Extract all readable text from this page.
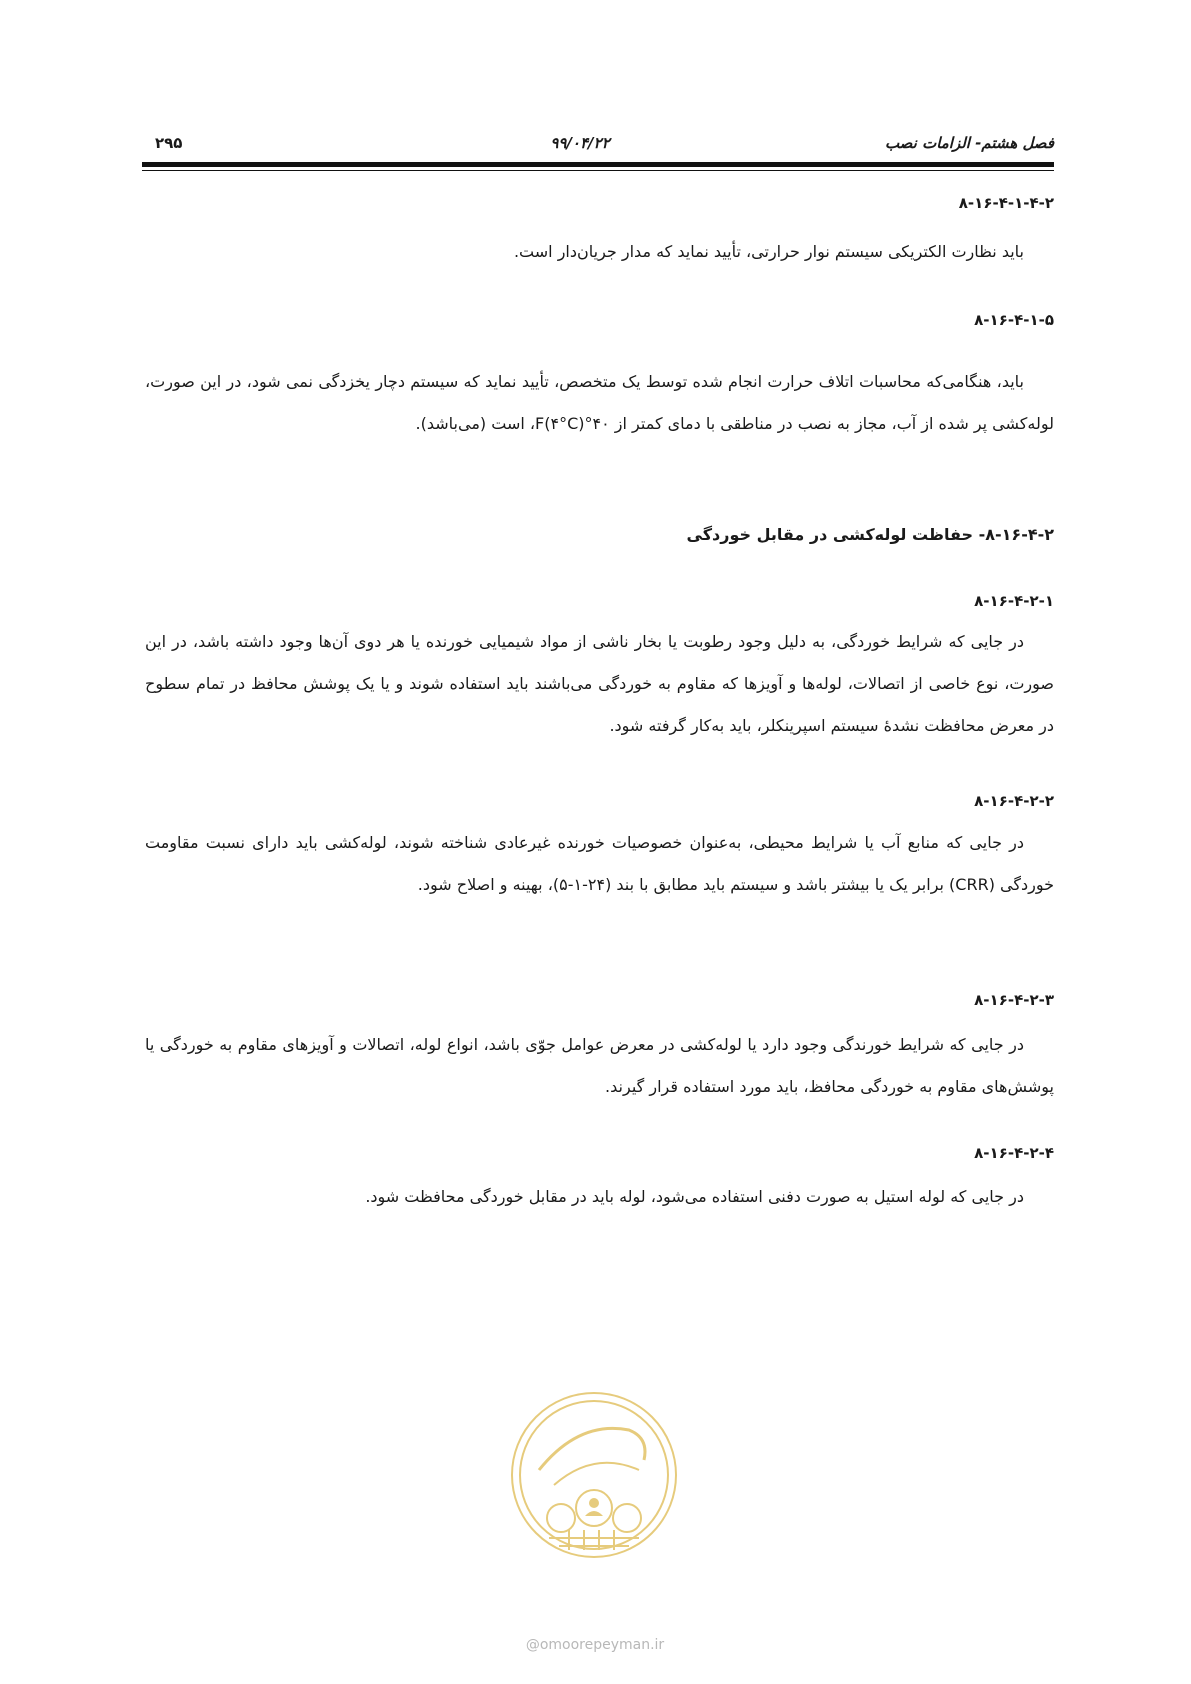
فصل هشتم- الزامات نصب
۹۹/۰۴/۲۲
۲۹۵
۸-۱۶-۴-۱-۴-۲
باید نظارت الکتریکی سیستم نوار حرارتی، تأیید نماید که مدار جریان‌دار است.
۸-۱۶-۴-۱-۵
باید، هنگامی‌که محاسبات اتلاف حرارت انجام شده توسط یک متخصص، تأیید نماید که سیستم دچار یخزدگی نمی شود، در این صورت، لوله‌کشی پر شده از آب، مجاز به نصب در مناطقی با دمای کمتر از ۴۰°F(۴°C)، است (می‌باشد).
۸-۱۶-۴-۲- حفاظت لوله‌کشی در مقابل خوردگی
۸-۱۶-۴-۲-۱
در جایی که شرایط خوردگی، به دلیل وجود رطوبت یا بخار ناشی از مواد شیمیایی خورنده یا هر دوی آن‌ها وجود داشته باشد، در این صورت، نوع خاصی از اتصالات، لوله‌ها و آویزها که مقاوم به خوردگی می‌باشند باید استفاده شوند و یا یک پوشش محافظ در تمام سطوح در معرض محافظت نشدهٔ سیستم اسپرینکلر، باید به‌کار گرفته شود.
۸-۱۶-۴-۲-۲
در جایی که منابع آب یا شرایط محیطی، به‌عنوان خصوصیات خورنده غیرعادی شناخته شوند، لوله‌کشی باید دارای نسبت مقاومت خوردگی (CRR) برابر یک یا بیشتر باشد و سیستم باید مطابق با بند (۲۴-۱-۵)، بهینه و اصلاح شود.
۸-۱۶-۴-۲-۳
در جایی که شرایط خورندگی وجود دارد یا لوله‌کشی در معرض عوامل جوّی باشد، انواع لوله، اتصالات و آویزهای مقاوم به خوردگی یا پوشش‌های مقاوم به خوردگی محافظ، باید مورد استفاده قرار گیرند.
۸-۱۶-۴-۲-۴
در جایی که لوله استیل به صورت دفنی استفاده می‌شود، لوله باید در مقابل خوردگی محافظت شود.
@omoorepeyman.ir
